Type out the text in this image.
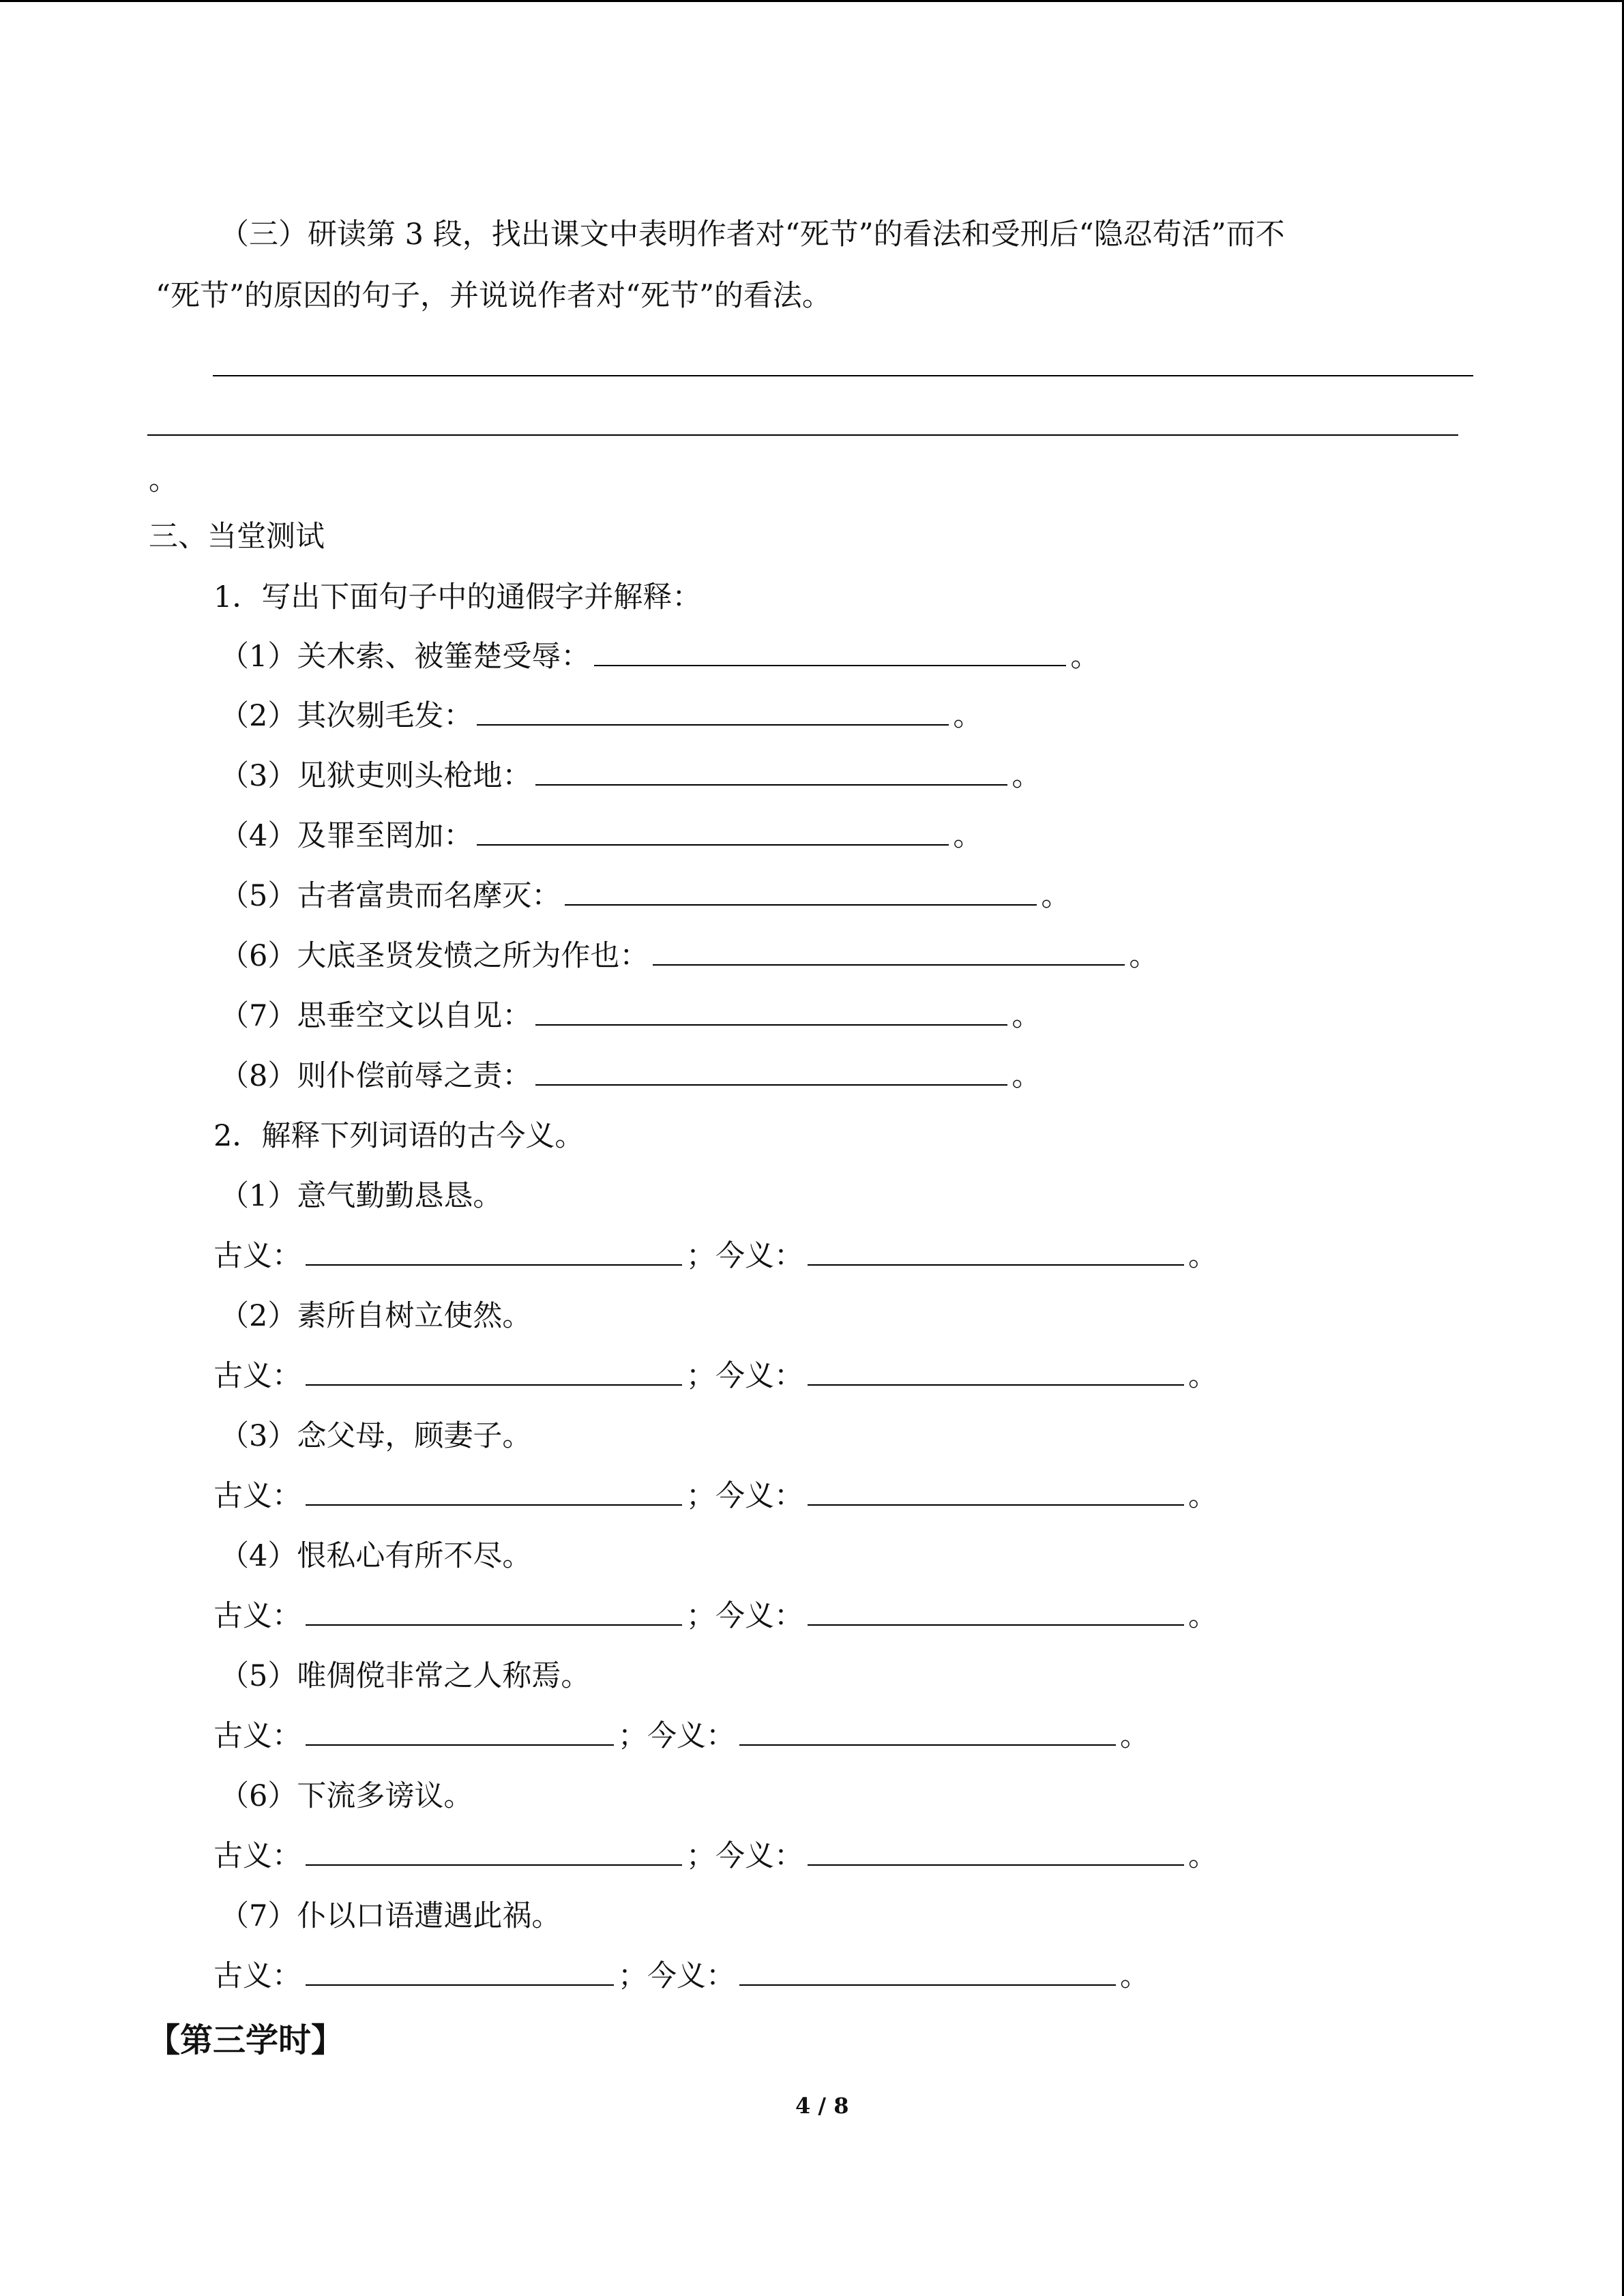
（三）研读第 3 段，找出课文中表明作者对“死节”的看法和受刑后“隐忍苟活”而不
“死节”的原因的句子，并说说作者对“死节”的看法。
。
三、当堂测试
1．写出下面句子中的通假字并解释：
（1）关木索、被箠楚受辱：	。
（2）其次剔毛发：	。
（3）见狱吏则头枪地：	。
（4）及罪至罔加：	。
（5）古者富贵而名摩灭：	。
（6）大底圣贤发愤之所为作也：	。
（7）思垂空文以自见：	。
（8）则仆偿前辱之责：	。
2．解释下列词语的古今义。
（1）意气勤勤恳恳。
古义：	；今义：	。
（2）素所自树立使然。
古义：	；今义：	。
（3）念父母，顾妻子。
古义：	；今义：	。
（4）恨私心有所不尽。
古义：	；今义：	。
（5）唯倜傥非常之人称焉。
古义：	；今义：	。
（6）下流多谤议。
古义：	；今义：	。
（7）仆以口语遭遇此祸。
古义：	；今义：	。
【第三学时】
4 / 8
